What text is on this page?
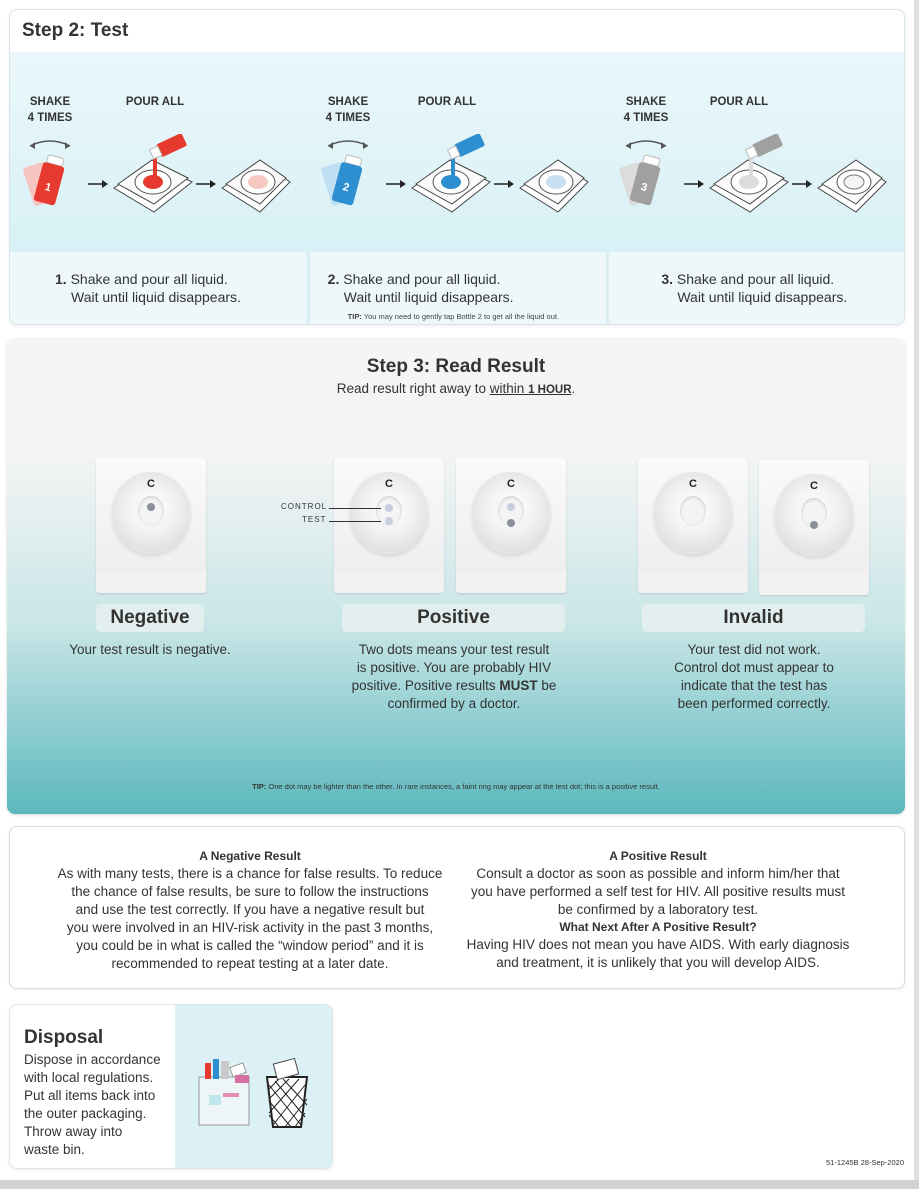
Step 2: Test
SHAKE
4 TIMES
POUR ALL
1
SHAKE
4 TIMES
POUR ALL
2
SHAKE
4 TIMES
POUR ALL
3
1. Shake and pour all liquid.
Wait until liquid disappears.
2. Shake and pour all liquid.
Wait until liquid disappears.
TIP: You may need to gently tap Bottle 2 to get all the liquid out.
3. Shake and pour all liquid.
Wait until liquid disappears.
Step 3: Read Result
Read result right away to within 1 HOUR.
C	C
CONTROL
TEST
C	C	C
Negative	Positive	Invalid
Your test result is negative.	Two dots means your test result
is positive. You are probably HIV
positive. Positive results MUST be
confirmed by a doctor.
Your test did not work.
Control dot must appear to
indicate that the test has
been performed correctly.
TIP: One dot may be lighter than the other. In rare instances, a faint ring may appear at the test dot; this is a positive result.
A Negative Result
As with many tests, there is a chance for false results. To reduce
the chance of false results, be sure to follow the instructions
and use the test correctly. If you have a negative result but
you were involved in an HIV-risk activity in the past 3 months,
you could be in what is called the “window period” and it is
recommended to repeat testing at a later date.
A Positive Result
Consult a doctor as soon as possible and inform him/her that
you have performed a self test for HIV. All positive results must
be confirmed by a laboratory test.
What Next After A Positive Result?
Having HIV does not mean you have AIDS. With early diagnosis
and treatment, it is unlikely that you will develop AIDS.
Disposal
Dispose in accordance
with local regulations.
Put all items back into
the outer packaging.
Throw away into
waste bin.
51-1245B 28-Sep-2020
